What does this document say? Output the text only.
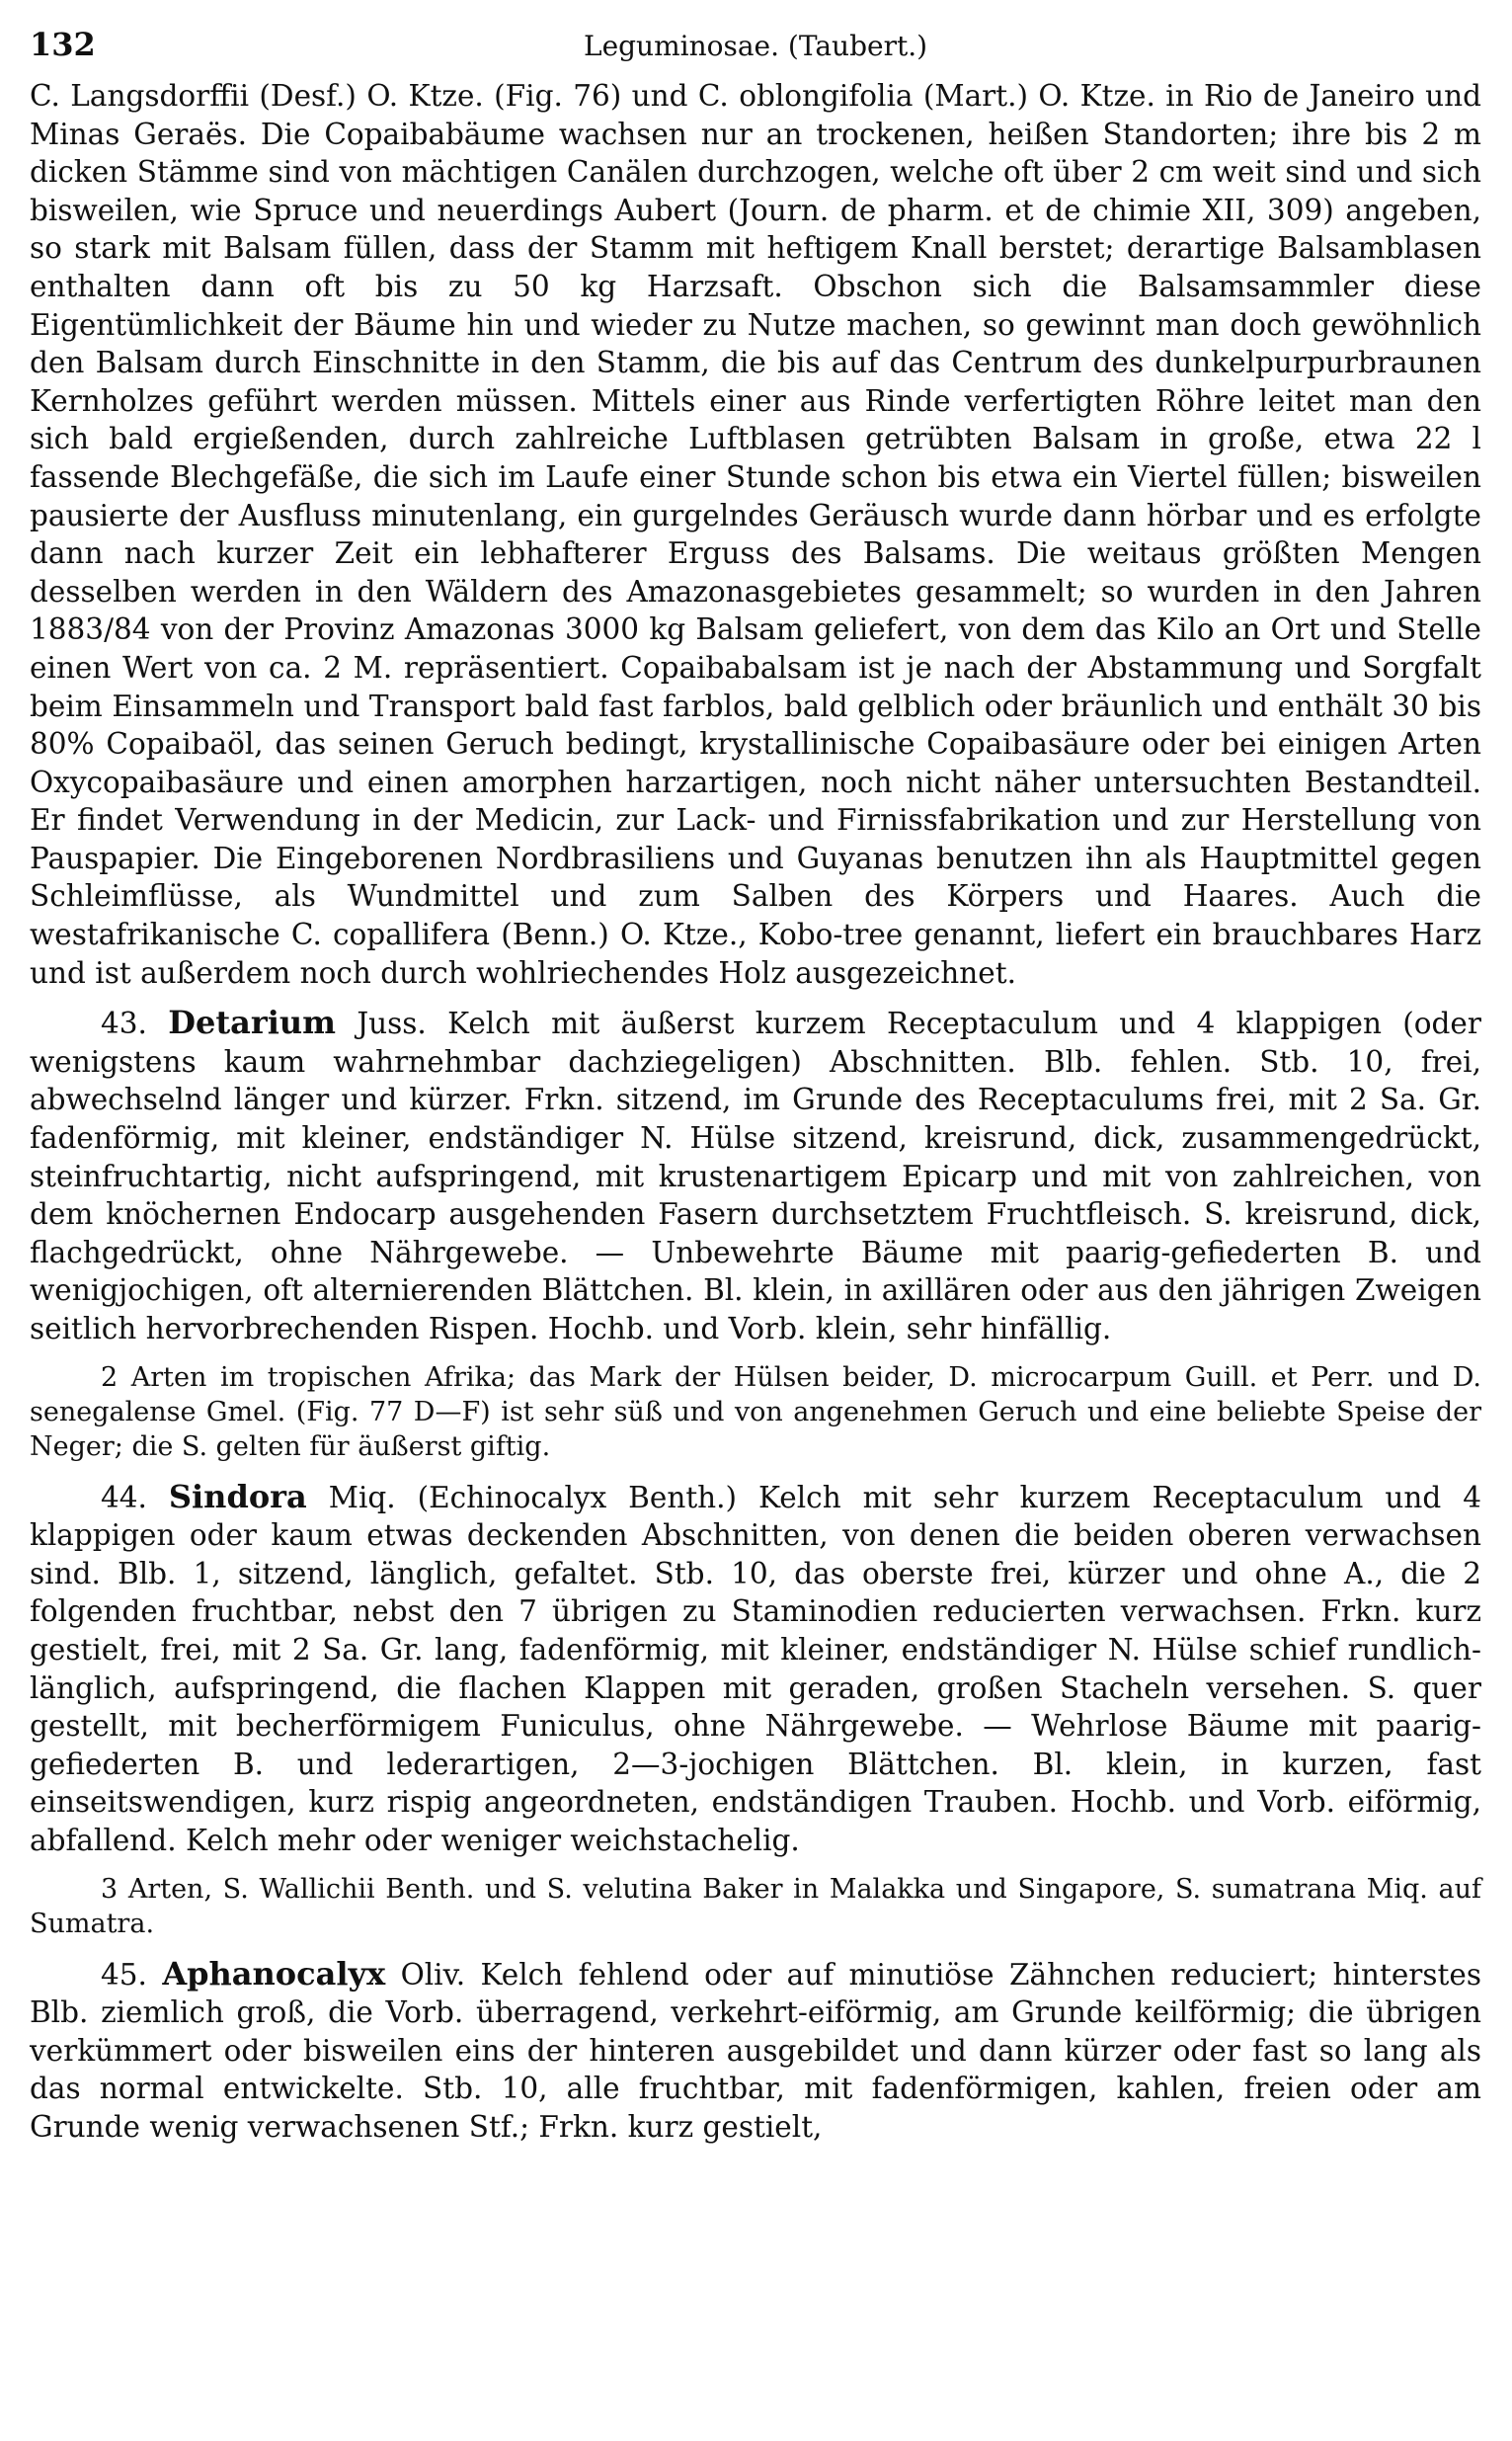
132	Leguminosae. (Taubert.)

C. Langsdorffii (Desf.) O. Ktze. (Fig. 76) und C. oblongifolia (Mart.) O. Ktze. in Rio de Janeiro und Minas Geraës. Die Copaibabäume wachsen nur an trockenen, heißen Standorten; ihre bis 2 m dicken Stämme sind von mächtigen Canälen durchzogen, welche oft über 2 cm weit sind und sich bisweilen, wie Spruce und neuerdings Aubert (Journ. de pharm. et de chimie XII, 309) angeben, so stark mit Balsam füllen, dass der Stamm mit heftigem Knall berstet; derartige Balsamblasen enthalten dann oft bis zu 50 kg Harzsaft. Obschon sich die Balsamsammler diese Eigentümlichkeit der Bäume hin und wieder zu Nutze machen, so gewinnt man doch gewöhnlich den Balsam durch Einschnitte in den Stamm, die bis auf das Centrum des dunkelpurpurbraunen Kernholzes geführt werden müssen. Mittels einer aus Rinde verfertigten Röhre leitet man den sich bald ergießenden, durch zahlreiche Luftblasen getrübten Balsam in große, etwa 22 l fassende Blechgefäße, die sich im Laufe einer Stunde schon bis etwa ein Viertel füllen; bisweilen pausierte der Ausfluss minutenlang, ein gurgelndes Geräusch wurde dann hörbar und es erfolgte dann nach kurzer Zeit ein lebhafterer Erguss des Balsams. Die weitaus größten Mengen desselben werden in den Wäldern des Amazonasgebietes gesammelt; so wurden in den Jahren 1883/84 von der Provinz Amazonas 3000 kg Balsam geliefert, von dem das Kilo an Ort und Stelle einen Wert von ca. 2 M. repräsentiert. Copaibabalsam ist je nach der Abstammung und Sorgfalt beim Einsammeln und Transport bald fast farblos, bald gelblich oder bräunlich und enthält 30 bis 80% Copaibaöl, das seinen Geruch bedingt, krystallinische Copaibasäure oder bei einigen Arten Oxycopaibasäure und einen amorphen harzartigen, noch nicht näher untersuchten Bestandteil. Er findet Verwendung in der Medicin, zur Lack- und Firnissfabrikation und zur Herstellung von Pauspapier. Die Eingeborenen Nordbrasiliens und Guyanas benutzen ihn als Hauptmittel gegen Schleimflüsse, als Wundmittel und zum Salben des Körpers und Haares. Auch die westafrikanische C. copallifera (Benn.) O. Ktze., Kobo-tree genannt, liefert ein brauchbares Harz und ist außerdem noch durch wohlriechendes Holz ausgezeichnet.

43. Detarium Juss. Kelch mit äußerst kurzem Receptaculum und 4 klappigen (oder wenigstens kaum wahrnehmbar dachziegeligen) Abschnitten. Blb. fehlen. Stb. 10, frei, abwechselnd länger und kürzer. Frkn. sitzend, im Grunde des Receptaculums frei, mit 2 Sa. Gr. fadenförmig, mit kleiner, endständiger N. Hülse sitzend, kreisrund, dick, zusammengedrückt, steinfruchtartig, nicht aufspringend, mit krustenartigem Epicarp und mit von zahlreichen, von dem knöchernen Endocarp ausgehenden Fasern durchsetztem Fruchtfleisch. S. kreisrund, dick, flachgedrückt, ohne Nährgewebe. — Unbewehrte Bäume mit paarig-gefiederten B. und wenigjochigen, oft alternierenden Blättchen. Bl. klein, in axillären oder aus den jährigen Zweigen seitlich hervorbrechenden Rispen. Hochb. und Vorb. klein, sehr hinfällig.

2 Arten im tropischen Afrika; das Mark der Hülsen beider, D. microcarpum Guill. et Perr. und D. senegalense Gmel. (Fig. 77 D—F) ist sehr süß und von angenehmen Geruch und eine beliebte Speise der Neger; die S. gelten für äußerst giftig.

44. Sindora Miq. (Echinocalyx Benth.) Kelch mit sehr kurzem Receptaculum und 4 klappigen oder kaum etwas deckenden Abschnitten, von denen die beiden oberen verwachsen sind. Blb. 1, sitzend, länglich, gefaltet. Stb. 10, das oberste frei, kürzer und ohne A., die 2 folgenden fruchtbar, nebst den 7 übrigen zu Staminodien reducierten verwachsen. Frkn. kurz gestielt, frei, mit 2 Sa. Gr. lang, fadenförmig, mit kleiner, endständiger N. Hülse schief rundlich-länglich, aufspringend, die flachen Klappen mit geraden, großen Stacheln versehen. S. quer gestellt, mit becherförmigem Funiculus, ohne Nährgewebe. — Wehrlose Bäume mit paarig-gefiederten B. und lederartigen, 2—3-jochigen Blättchen. Bl. klein, in kurzen, fast einseitswendigen, kurz rispig angeordneten, endständigen Trauben. Hochb. und Vorb. eiförmig, abfallend. Kelch mehr oder weniger weichstachelig.

3 Arten, S. Wallichii Benth. und S. velutina Baker in Malakka und Singapore, S. sumatrana Miq. auf Sumatra.

45. Aphanocalyx Oliv. Kelch fehlend oder auf minutiöse Zähnchen reduciert; hinterstes Blb. ziemlich groß, die Vorb. überragend, verkehrt-eiförmig, am Grunde keilförmig; die übrigen verkümmert oder bisweilen eins der hinteren ausgebildet und dann kürzer oder fast so lang als das normal entwickelte. Stb. 10, alle fruchtbar, mit fadenförmigen, kahlen, freien oder am Grunde wenig verwachsenen Stf.; Frkn. kurz gestielt,
